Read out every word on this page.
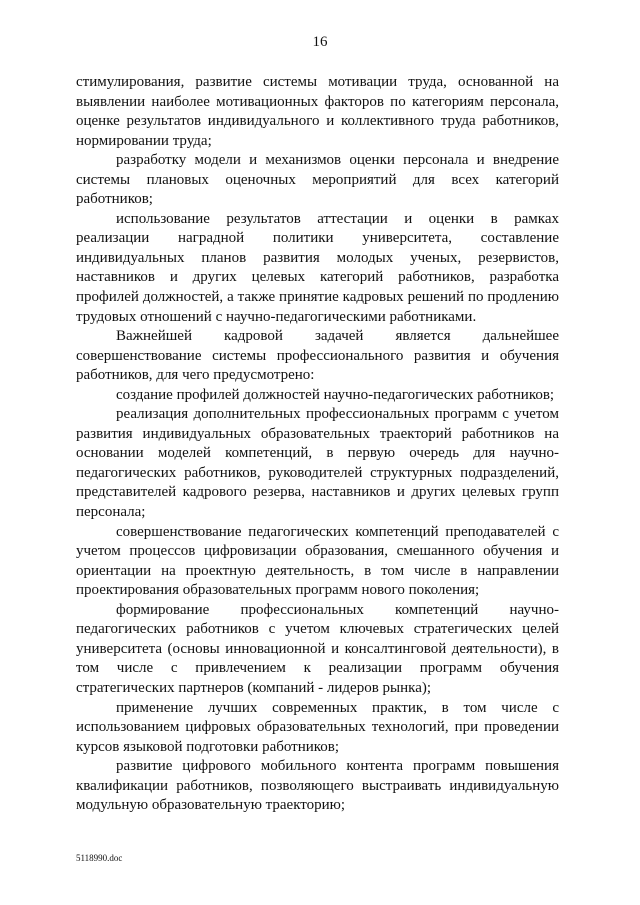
16

стимулирования, развитие системы мотивации труда, основанной на выявлении наиболее мотивационных факторов по категориям персонала, оценке результатов индивидуального и коллективного труда работников, нормировании труда;

разработку модели и механизмов оценки персонала и внедрение системы плановых оценочных мероприятий для всех категорий работников;

использование результатов аттестации и оценки в рамках реализации наградной политики университета, составление индивидуальных планов развития молодых ученых, резервистов, наставников и других целевых категорий работников, разработка профилей должностей, а также принятие кадровых решений по продлению трудовых отношений с научно-педагогическими работниками.

Важнейшей кадровой задачей является дальнейшее совершенствование системы профессионального развития и обучения работников, для чего предусмотрено:

создание профилей должностей научно-педагогических работников;

реализация дополнительных профессиональных программ с учетом развития индивидуальных образовательных траекторий работников на основании моделей компетенций, в первую очередь для научно-педагогических работников, руководителей структурных подразделений, представителей кадрового резерва, наставников и других целевых групп персонала;

совершенствование педагогических компетенций преподавателей с учетом процессов цифровизации образования, смешанного обучения и ориентации на проектную деятельность, в том числе в направлении проектирования образовательных программ нового поколения;

формирование профессиональных компетенций научно-педагогических работников с учетом ключевых стратегических целей университета (основы инновационной и консалтинговой деятельности), в том числе с привлечением к реализации программ обучения стратегических партнеров (компаний - лидеров рынка);

применение лучших современных практик, в том числе с использованием цифровых образовательных технологий, при проведении курсов языковой подготовки работников;

развитие цифрового мобильного контента программ повышения квалификации работников, позволяющего выстраивать индивидуальную модульную образовательную траекторию;

5118990.doc
